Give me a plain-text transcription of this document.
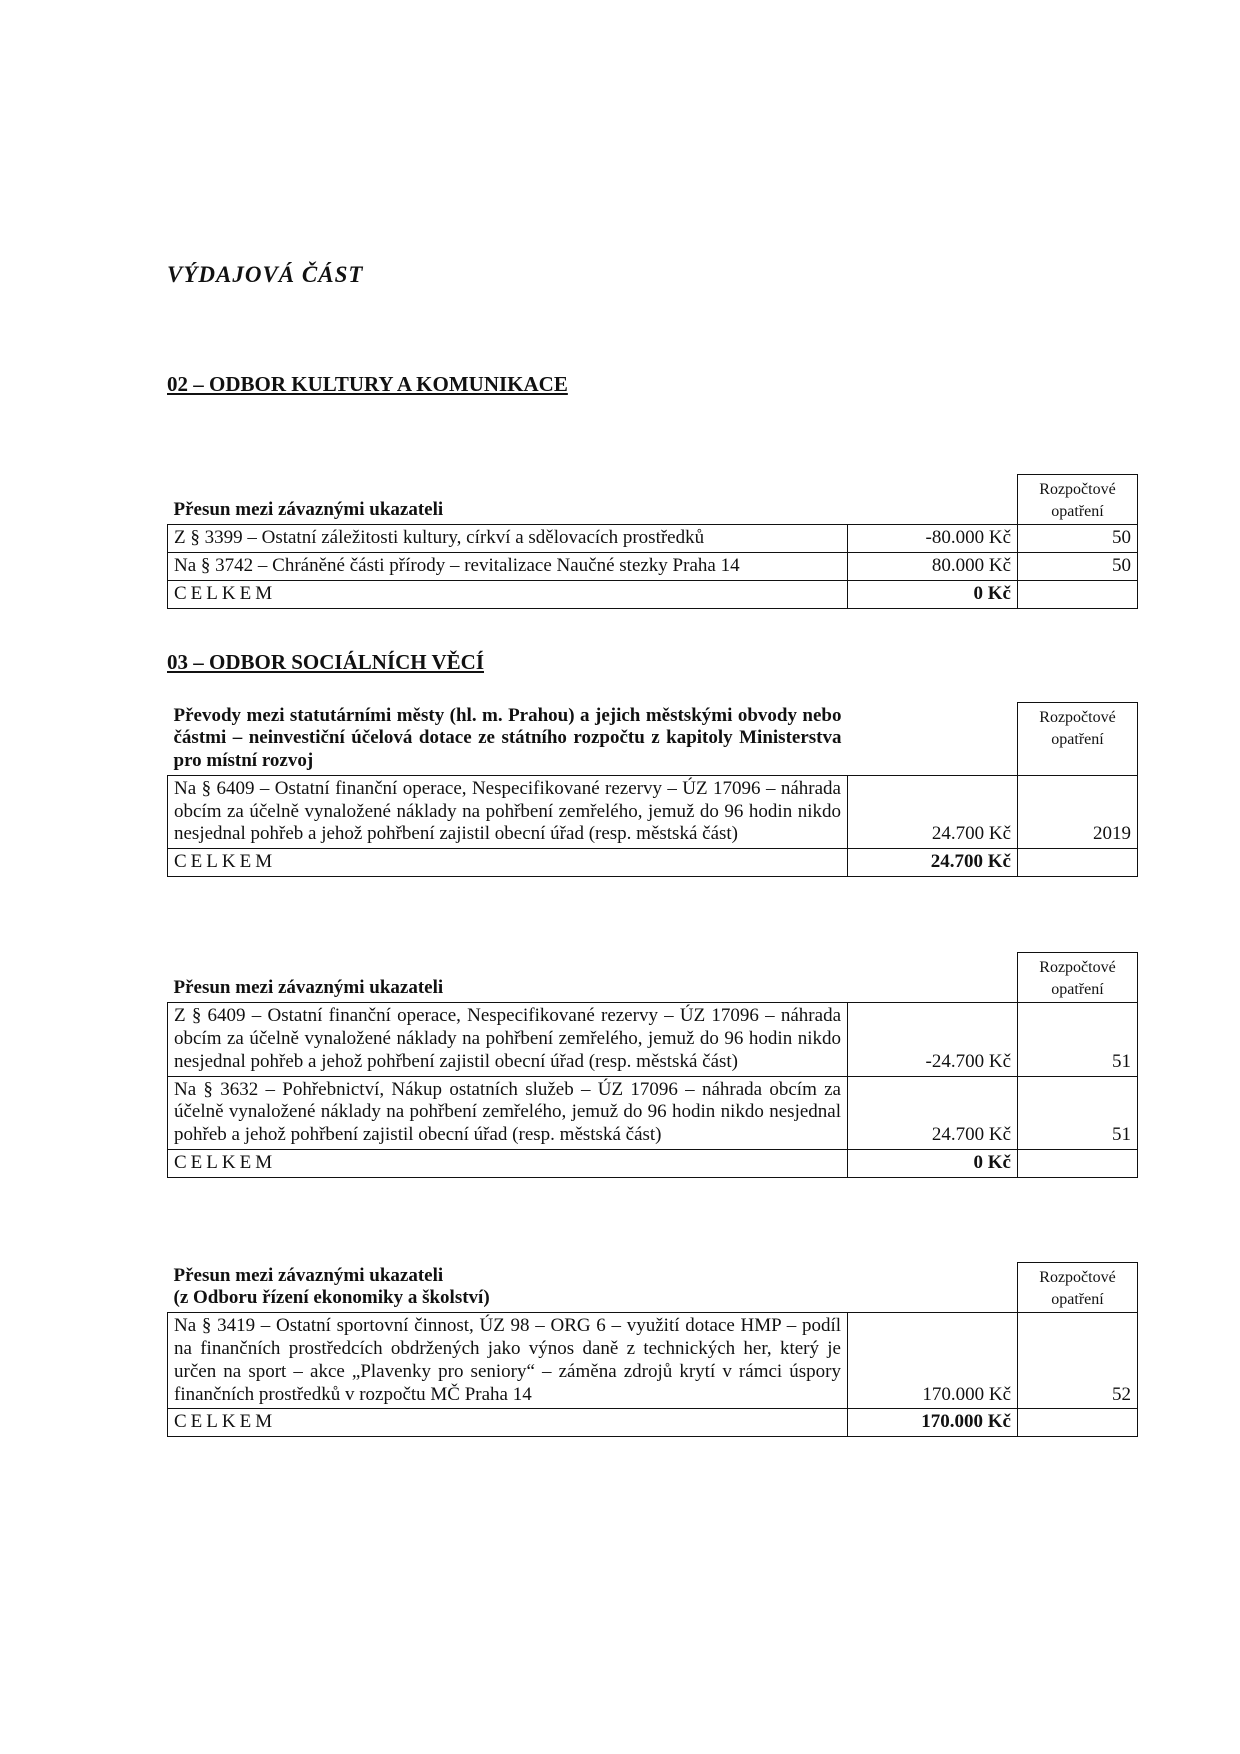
VÝDAJOVÁ ČÁST
02 – ODBOR KULTURY A KOMUNIKACE
Přesun mezi závaznými ukazateli		Rozpočtové
opatření

Z § 3399 – Ostatní záležitosti kultury, církví a sdělovacích prostředků	-80.000 Kč	50
Na § 3742 – Chráněné části přírody – revitalizace Naučné stezky Praha 14	80.000 Kč	50
CELKEM	0 Kč	
03 – ODBOR SOCIÁLNÍCH VĚCÍ
Převody mezi statutárními městy (hl. m. Prahou) a jejich městskými obvody nebo částmi – neinvestiční účelová dotace ze státního rozpočtu z kapitoly Ministerstva pro místní rozvoj		Rozpočtové
opatření

Na § 6409 – Ostatní finanční operace, Nespecifikované rezervy – ÚZ 17096 – náhrada obcím za účelně vynaložené náklady na pohřbení zemřelého, jemuž do 96 hodin nikdo nesjednal pohřeb a jehož pohřbení zajistil obecní úřad (resp. městská část)	24.700 Kč	2019
CELKEM	24.700 Kč	
Přesun mezi závaznými ukazateli		Rozpočtové
opatření

Z § 6409 – Ostatní finanční operace, Nespecifikované rezervy – ÚZ 17096 – náhrada obcím za účelně vynaložené náklady na pohřbení zemřelého, jemuž do 96 hodin nikdo nesjednal pohřeb a jehož pohřbení zajistil obecní úřad (resp. městská část)	-24.700 Kč	51
Na § 3632 – Pohřebnictví, Nákup ostatních služeb – ÚZ 17096 – náhrada obcím za účelně vynaložené náklady na pohřbení zemřelého, jemuž do 96 hodin nikdo nesjednal pohřeb a jehož pohřbení zajistil obecní úřad (resp. městská část)	24.700 Kč	51
CELKEM	0 Kč	
Přesun mezi závaznými ukazateli
(z Odboru řízení ekonomiky a školství)		Rozpočtové
opatření

Na § 3419 – Ostatní sportovní činnost, ÚZ 98 – ORG 6 – využití dotace HMP – podíl na finančních prostředcích obdržených jako výnos daně z technických her, který je určen na sport – akce „Plavenky pro seniory“ – záměna zdrojů krytí v rámci úspory finančních prostředků v rozpočtu MČ Praha 14	170.000 Kč	52
CELKEM	170.000 Kč	
